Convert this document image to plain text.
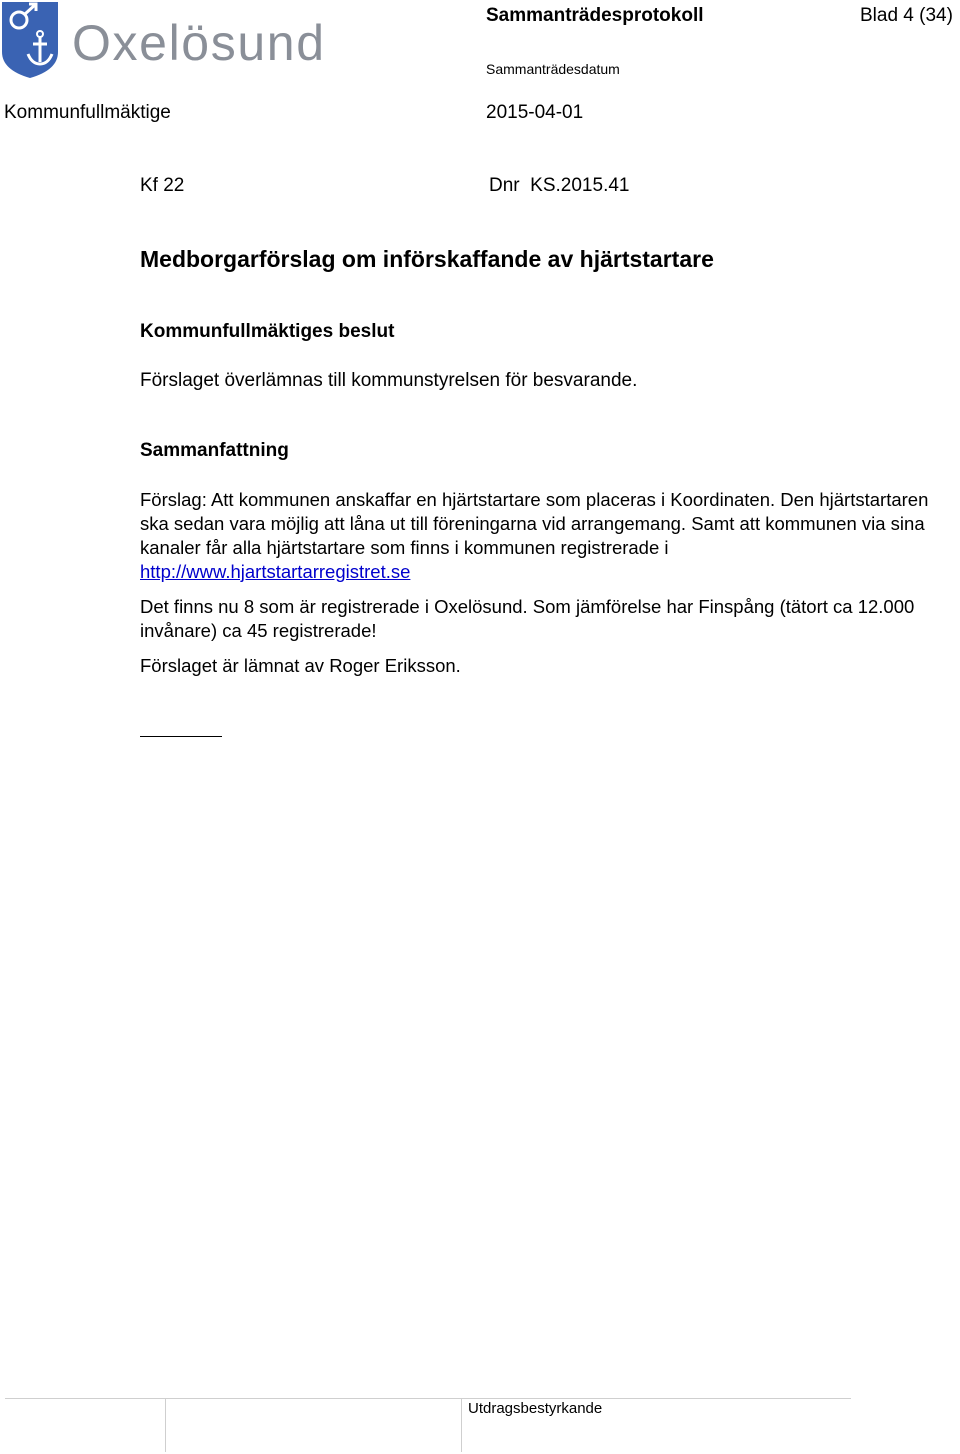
Oxelösund	Sammanträdesprotokoll	Blad 4 (34)
Sammanträdesdatum
Kommunfullmäktige	2015-04-01
Kf 22	Dnr  KS.2015.41
Medborgarförslag om införskaffande av hjärtstartare
Kommunfullmäktiges beslut
Förslaget överlämnas till kommunstyrelsen för besvarande.
Sammanfattning

Förslag: Att kommunen anskaffar en hjärtstartare som placeras i Koordinaten. Den hjärtstartaren ska sedan vara möjlig att låna ut till föreningarna vid arrangemang. Samt att kommunen via sina kanaler får alla hjärtstartare som finns i kommunen registrerade i http://www.hjartstartarregistret.se

Det finns nu 8 som är registrerade i Oxelösund. Som jämförelse har Finspång (tätort ca 12.000 invånare) ca 45 registrerade!

Förslaget är lämnat av Roger Eriksson.

Utdragsbestyrkande
